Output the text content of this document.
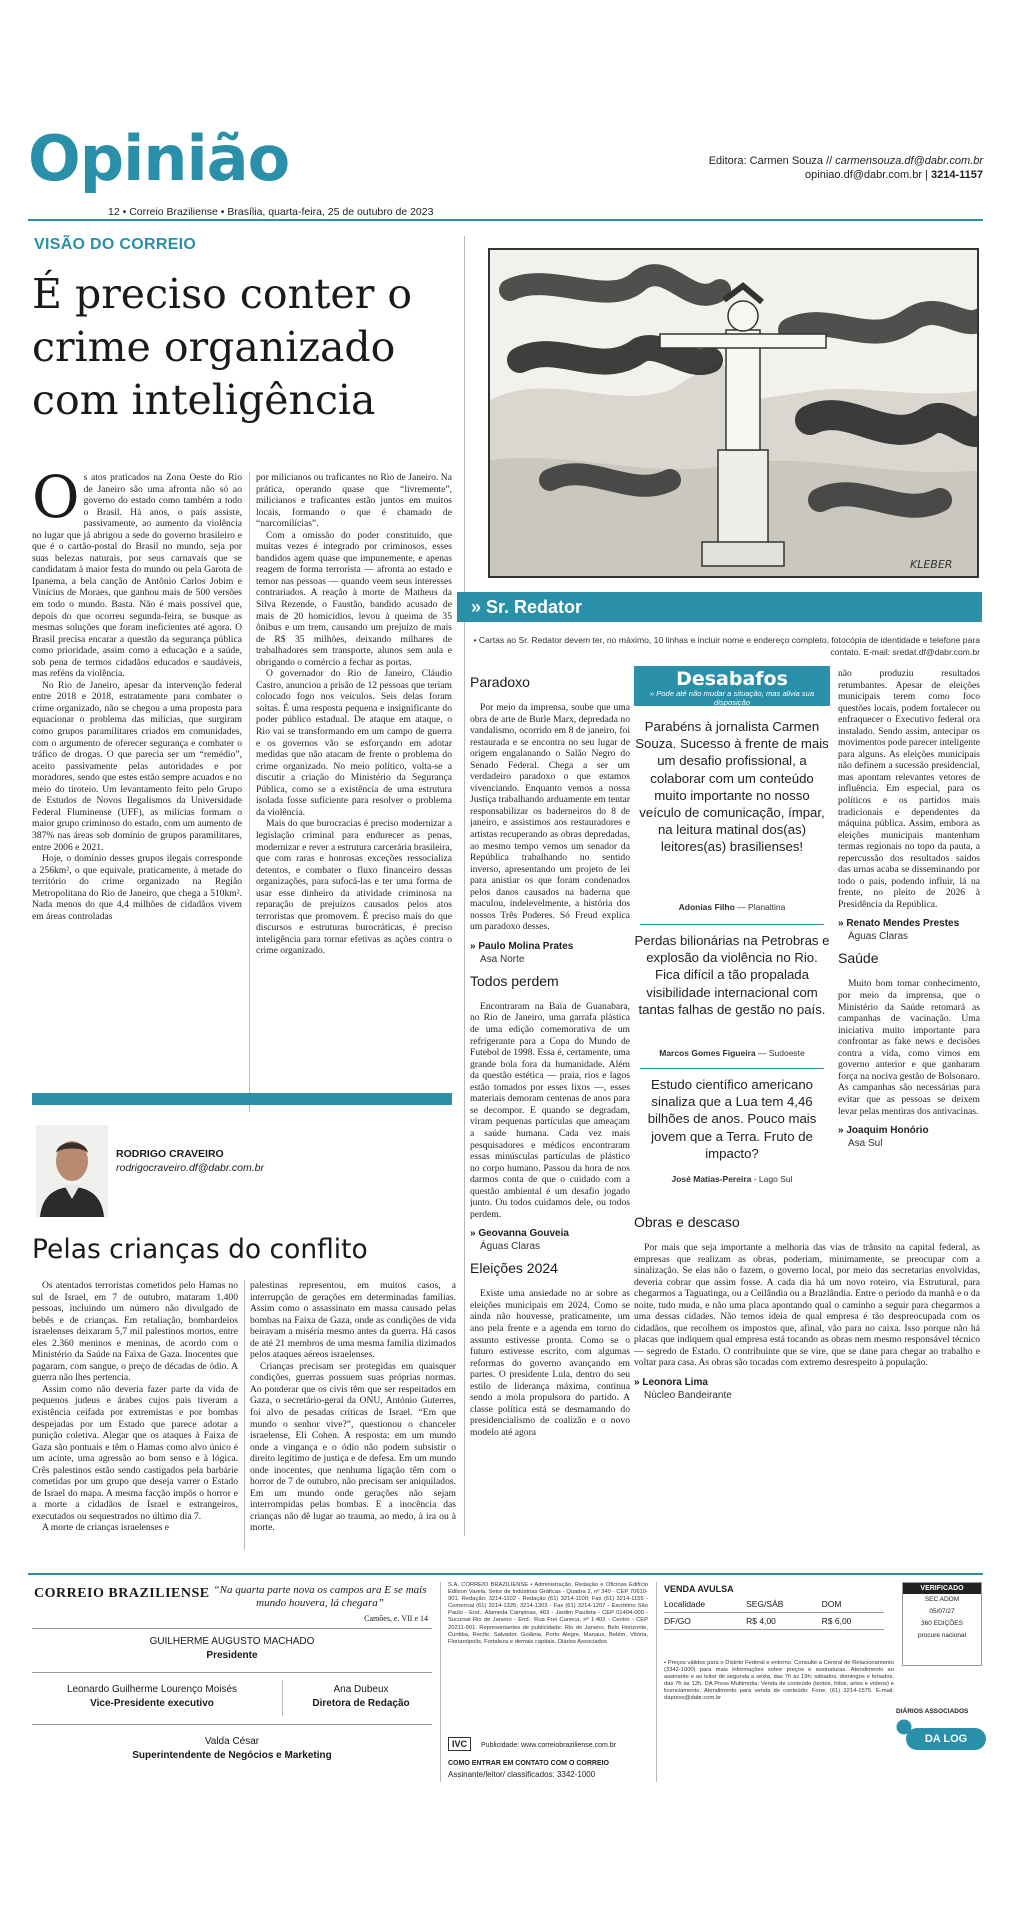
Opinião	Editora: Carmen Souza // carmensouza.df@dabr.com.br
opiniao.df@dabr.com.br | 3214-1157
12 • Correio Braziliense • Brasília, quarta-feira, 25 de outubro de 2023
VISÃO DO CORREIO
É preciso conter o crime organizado com inteligência
O s atos praticados na Zona Oeste do Rio de Janeiro são uma afronta não só ao governo do estado como também a todo o Brasil. Há anos, o país assiste, passivamente, ao aumento da violência no lugar que já abrigou a sede do governo brasileiro e que é o cartão-postal do Brasil no mundo, seja por suas belezas naturais, por seus carnavais que se candidatam à maior festa do mundo ou pela Garota de Ipanema, a bela canção de Antônio Carlos Jobim e Vinícius de Moraes, que ganhou mais de 500 versões em todo o mundo. Basta. Não é mais possível que, depois do que ocorreu segunda-feira, se busque as mesmas soluções que foram ineficientes até agora. O Brasil precisa encarar a questão da segurança pública como prioridade, assim como a educação e a saúde, sob pena de termos cidadãos educados e saudáveis, mas reféns da violência.

No Rio de Janeiro, apesar da intervenção federal entre 2018 e 2018, estratamente para combater o crime organizado, não se chegou a uma proposta para equacionar o problema das milícias, que surgiram como grupos paramilitares criados em comunidades, com o argumento de oferecer segurança e combater o tráfico de drogas. O que parecia ser um “remédio”, aceito passivamente pelas autoridades e por moradores, sendo que estes estão sempre acuados e no meio do tiroteio. Um levantamento feito pelo Grupo de Estudos de Novos Ilegalismos da Universidade Federal Fluminense (UFF), as milícias formam o maior grupo criminoso do estado, com um aumento de 387% nas áreas sob domínio de grupos paramilitares, entre 2006 e 2021.

Hoje, o domínio desses grupos ilegais corresponde a 256km², o que equivale, praticamente, à metade do território do crime organizado na Região Metropolitana do Rio de Janeiro, que chega a 510km². Nada menos do que 4,4 milhões de cidadãos vivem em áreas controladas

por milicianos ou traficantes no Rio de Janeiro. Na prática, operando quase que “livremente”, milicianos e traficantes estão juntos em muitos locais, formando o que é chamado de “narcomilícias”.

Com a omissão do poder constituído, que muitas vezes é integrado por criminosos, esses bandidos agem quase que impunemente, e apenas reagem de forma terrorista — afronta ao estado e temor nas pessoas — quando veem seus interesses contrariados. A reação à morte de Matheus da Silva Rezende, o Faustão, bandido acusado de mais de 20 homicídios, levou à queima de 35 ônibus e um trem, causando um prejuízo de mais de R$ 35 milhões, deixando milhares de trabalhadores sem transporte, alunos sem aula e obrigando o comércio a fechar as portas.

O governador do Rio de Janeiro, Cláudio Castro, anunciou a prisão de 12 pessoas que teriam colocado fogo nos veículos. Seis delas foram soltas. É uma resposta pequena e insignificante do poder público estadual. De ataque em ataque, o Rio vai se transformando em um campo de guerra e os governos vão se esforçando em adotar medidas que não atacam de frente o problema do crime organizado. No meio político, volta-se a discutir a criação do Ministério da Segurança Pública, como se a existência de uma estrutura isolada fosse suficiente para resolver o problema da violência.

Mais do que burocracias é preciso modernizar a legislação criminal para endurecer as penas, modernizar e rever a estrutura carcerária brasileira, que com raras e honrosas exceções ressocializa detentos, e combater o fluxo financeiro dessas organizações, para sufocá-las e ter uma forma de usar esse dinheiro da atividade criminosa na reparação de prejuízos causados pelos atos terroristas que promovem. É preciso mais do que discursos e estruturas burocráticas, é preciso inteligência para tornar efetivas as ações contra o crime organizado.

KLEBER
» Sr. Redator
• Cartas ao Sr. Redator devem ter, no máximo, 10 linhas e incluir nome e endereço completo, fotocópia de identidade e telefone para contato. E-mail: sredat.df@dabr.com.br
Paradoxo

Por meio da imprensa, soube que uma obra de arte de Burle Marx, depredada no vandalismo, ocorrido em 8 de janeiro, foi restaurada e se encontra no seu lugar de origem engalanando o Salão Negro do Senado Federal. Chega a ser um verdadeiro paradoxo o que estamos vivenciando. Enquanto vemos a nossa Justiça trabalhando arduamente em tentar responsabilizar os baderneiros do 8 de janeiro, e assistimos aos restauradores e artistas recuperando as obras depredadas, ao mesmo tempo vemos um senador da República trabalhando no sentido inverso, apresentando um projeto de lei para anistiar os que foram condenados pelos danos causados na baderna que maculou, indelevelmente, a história dos nossos Três Poderes. Só Freud explica um paradoxo desses.

» Paulo Molina Prates
Asa Norte
Todos perdem

Encontraram na Baía de Guanabara, no Rio de Janeiro, uma garrafa plástica de uma edição comemorativa de um refrigerante para a Copa do Mundo de Futebol de 1998. Essa é, certamente, uma grande bola fora da humanidade. Além da questão estética — praia, rios e lagos estão tomados por esses lixos —, esses materiais demoram centenas de anos para se decompor. E quando se degradam, viram pequenas partículas que ameaçam a saúde humana. Cada vez mais pesquisadores e médicos encontraram essas minúsculas partículas de plástico no corpo humano. Passou da hora de nos darmos conta de que o cuidado com a questão ambiental é um desafio jogado junto. Ou todos cuidamos dele, ou todos perdem.

» Geovanna Gouveia
Águas Claras
Eleições 2024

Existe uma ansiedade no ar sobre as eleições municipais em 2024. Como se ainda não houvesse, praticamente, um ano pela frente e a agenda em torno do assunto estivesse pronta. Como se o futuro estivesse escrito, com algumas reformas do governo avançando em partes. O presidente Lula, dentro do seu estilo de liderança máxima, continua sendo a mola propulsora do partido. A classe política está se desmamando do presidencialismo de coalizão e o novo modelo até agora

não produziu resultados retumbantes. Apesar de eleições municipais terem como foco questões locais, podem fortalecer ou enfraquecer o Executivo federal ora instalado. Sendo assim, antecipar os movimentos pode parecer inteligente para alguns. As eleições municipais não definem a sucessão presidencial, mas apontam relevantes vetores de influência. Em especial, para os políticos e os partidos mais tradicionais e dependentes da máquina pública. Assim, embora as eleições municipais mantenham termas regionais no topo da pauta, a repercussão dos resultados saídos das urnas acaba se disseminando por todo o país, podendo influir, lá na frente, no pleito de 2026 à Presidência da República.

» Renato Mendes Prestes
Águas Claras
Saúde

Muito bom tomar conhecimento, por meio da imprensa, que o Ministério da Saúde retomará as campanhas de vacinação. Uma iniciativa muito importante para confrontar as fake news e decisões contra a vida, como vimos em governo anterior e que ganharam força na nociva gestão de Bolsonaro. As campanhas são necessárias para evitar que as pessoas se deixem levar pelas mentiras dos antivacinas.

» Joaquim Honório
Asa Sul
Obras e descaso

Por mais que seja importante a melhoria das vias de trânsito na capital federal, as empresas que realizam as obras, poderiam, minimamente, se preocupar com a sinalização. Se elas não o fazem, o governo local, por meio das secretarias envolvidas, deveria cobrar que assim fosse. A cada dia há um novo roteiro, via Estrutural, para chegarmos a Taguatinga, ou a Ceilândia ou a Brazlândia. Entre o período da manhã e o da noite, tudo muda, e não uma placa apontando qual o caminho a seguir para chegarmos a uma dessas cidades. Não temos ideia de qual empresa é tão despreocupada com os cidadãos, que recolhem os impostos que, afinal, vão para no caixa. Isso porque não há placas que indiquem qual empresa está tocando as obras nem mesmo responsável técnico — segredo de Estado. O contribuinte que se vire, que se dane para chegar ao trabalho e voltar para casa. As obras são tocadas com extremo desrespeito à população.

» Leonora Lima
Núcleo Bandeirante
Desabafos
» Pode até não mudar a situação, mas alivia sua disposição
Parabéns à jornalista Carmen Souza. Sucesso à frente de mais um desafio profissional, a colaborar com um conteúdo muito importante no nosso veículo de comunicação, ímpar, na leitura matinal dos(as) leitores(as) brasilienses!
Adonias Filho — Planaltina
Perdas bilionárias na Petrobras e explosão da violência no Rio. Fica difícil a tão propalada visibilidade internacional com tantas falhas de gestão no país.
Marcos Gomes Figueira — Sudoeste
Estudo científico americano sinaliza que a Lua tem 4,46 bilhões de anos. Pouco mais jovem que a Terra. Fruto de impacto?
José Matias-Pereira - Lago Sul
RODRIGO CRAVEIRO
rodrigocraveiro.df@dabr.com.br
Pelas crianças do conflito

Os atentados terroristas cometidos pelo Hamas no sul de Israel, em 7 de outubro, mataram 1.400 pessoas, incluindo um número não divulgado de bebês e de crianças. Em retaliação, bombardeios israelenses deixaram 5,7 mil palestinos mortos, entre eles 2.360 meninos e meninas, de acordo com o Ministério da Saúde na Faixa de Gaza. Inocentes que pagaram, com sangue, o preço de décadas de ódio. A guerra não lhes pertencia.

Assim como não deveria fazer parte da vida de pequenos judeus e árabes cujos pais tiveram a existência ceifada por extremistas e por bombas despejadas por um Estado que parece adotar a punição coletiva. Alegar que os ataques à Faixa de Gaza são pontuais e têm o Hamas como alvo único é um acinte, uma agressão ao bom senso e à lógica. Crês palestinos estão sendo castigados pela barbárie cometidas por um grupo que deseja varrer o Estado de Israel do mapa. A mesma facção impôs o horror e a morte a cidadãos de Israel e estrangeiros, executados ou sequestrados no último dia 7.

A morte de crianças israelenses e

palestinas representou, em muitos casos, a interrupção de gerações em determinadas famílias. Assim como o assassinato em massa causado pelas bombas na Faixa de Gaza, onde as condições de vida beiravam a miséria mesmo antes da guerra. Há casos de até 21 membros de uma mesma família dizimados pelos ataques aéreos israelenses.

Crianças precisam ser protegidas em quaisquer condições, guerras possuem suas próprias normas. Ao ponderar que os civis têm que ser respeitados em Gaza, o secretário-geral da ONU, António Guterres, foi alvo de pesadas críticas de Israel. “Em que mundo o senhor vive?”, questionou o chanceler israelense, Eli Cohen. A resposta: em um mundo onde a vingança e o ódio não podem subsistir o direito legítimo de justiça e de defesa. Em um mundo onde inocentes, que nenhuma ligação têm com o horror de 7 de outubro, não precisam ser aniquilados. Em um mundo onde gerações não sejam interrompidas pelas bombas. E a inocência das crianças não dê lugar ao trauma, ao medo, à ira ou à morte.

CORREIO BRAZILIENSE “Na quarta parte nova os campos ara E se mais mundo houvera, lá chegara”
Camões, e. VII e 14
GUILHERME AUGUSTO MACHADO
Presidente
Leonardo Guilherme Lourenço Moisés
Vice-Presidente executivo
Ana Dubeux
Diretora de Redação
Valda César
Superintendente de Negócios e Marketing
S.A. CORREIO BRAZILIENSE • Administração, Redação e Oficinas Edifício Edilson Varela, Setor de Indústrias Gráficas - Quadra 2, nº 340 - CEP 70610-901. Redação: 3214-1102 - Redação (61) 3214-1100; Fax (61) 3214-1155 - Comercial (61) 3214-1326; 3214-1303 - Fax (61) 3214-1207 - Escritório São Paulo - End.: Alameda Campinas, 463 - Jardim Paulista - CEP 01404-000 - Sucursal Rio de Janeiro - End.: Rua Frei Caneca, nº 1.402 - Centro - CEP 20211-901. Representantes de publicidade: Rio de Janeiro, Belo Horizonte, Curitiba, Recife, Salvador, Goiânia, Porto Alegre, Manaus, Belém, Vitória, Florianópolis, Fortaleza e demais capitais. Diários Associados
IVC Publicidade: www.correiobraziliense.com.br
COMO ENTRAR EM CONTATO COM O CORREIO
Assinante/leitor/ classificados: 3342-1000
VENDA AVULSA
Localidade	SEG/SÁB	DOM
DF/GO	R$ 4,00	R$ 6,00
• Preços válidos para o Distrito Federal e entorno. Consulte a Central de Relacionamento (3342-1000) para mais informações sobre preços e assinaturas. Atendimento ao assinante e ao leitor de segunda a sexta, das 7h às 19h; sábados, domingos e feriados, das 7h às 12h. DA Press Multimídia: Venda de conteúdo (textos, fotos, artes e vídeos) e licenciamento. Atendimento para venda de conteúdo: Fone: (61) 3214-1575. E-mail: dapress@dabr.com.br
VERIFICADO
SEC ADOM
05/07/27
360 EDIÇÕES
procure nacional
DIÁRIOS ASSOCIADOS
DA LOG
